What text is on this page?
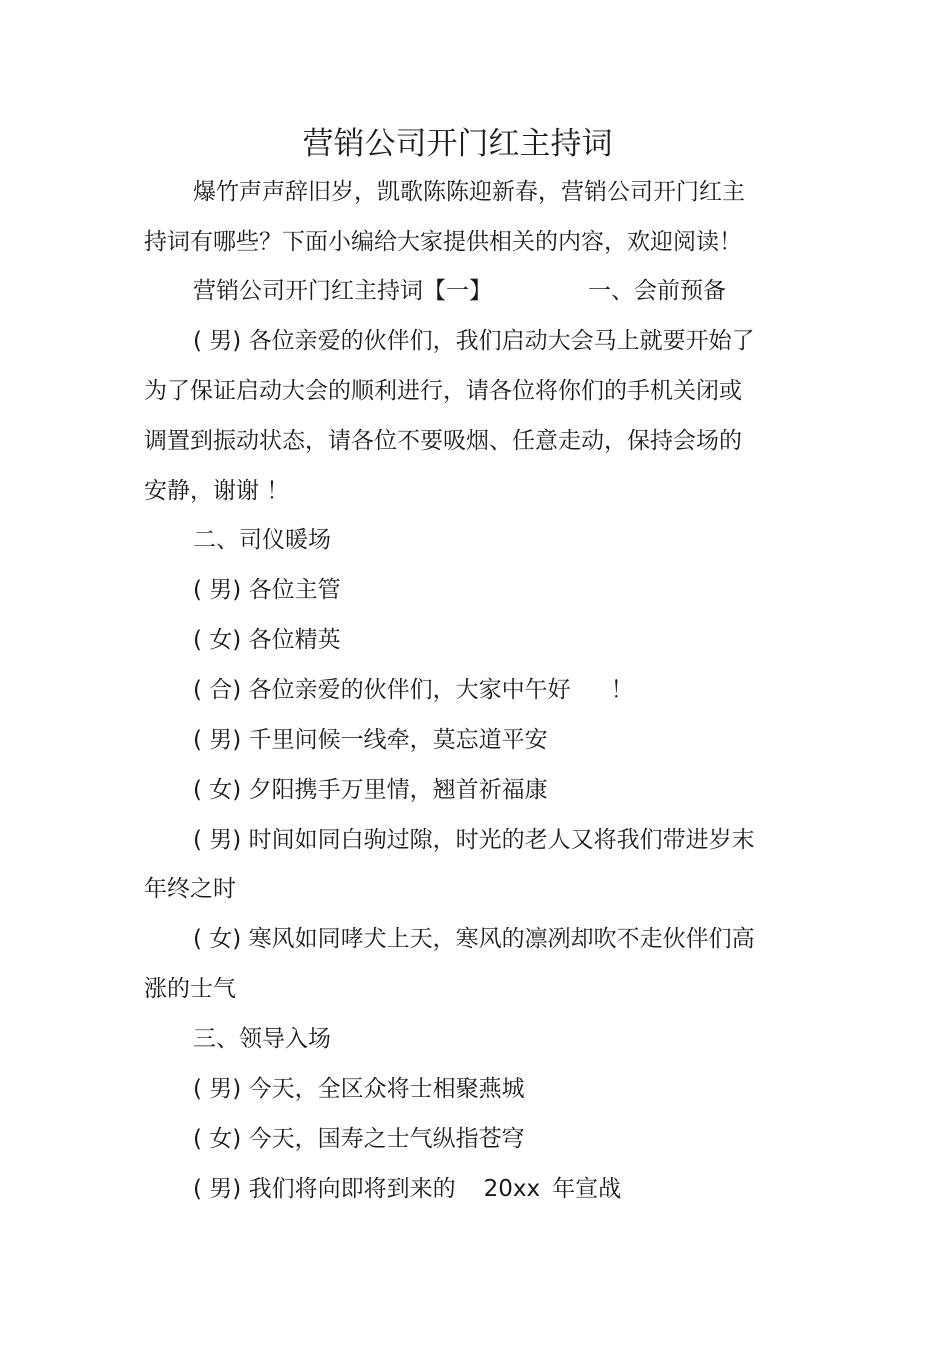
营销公司开门红主持词
爆竹声声辞旧岁，凯歌陈陈迎新春，营销公司开门红主
持词有哪些？下面小编给大家提供相关的内容，欢迎阅读！
营销公司开门红主持词【一】	一、会前预备
( 男) 各位亲爱的伙伴们，我们启动大会马上就要开始了
为了保证启动大会的顺利进行，请各位将你们的手机关闭或
调置到振动状态，请各位不要吸烟、任意走动，保持会场的
安静，谢谢 ！
二、司仪暖场
( 男) 各位主管
( 女) 各位精英
( 合) 各位亲爱的伙伴们，大家中午好 ！
( 男) 千里问候一线牵，莫忘道平安
( 女) 夕阳携手万里情，翘首祈福康
( 男) 时间如同白驹过隙，时光的老人又将我们带进岁末
年终之时
( 女) 寒风如同哮犬上天，寒风的凛冽却吹不走伙伴们高
涨的士气
三、领导入场
( 男) 今天，全区众将士相聚燕城
( 女) 今天，国寿之士气纵指苍穹
( 男) 我们将向即将到来的 20xx 年宣战
